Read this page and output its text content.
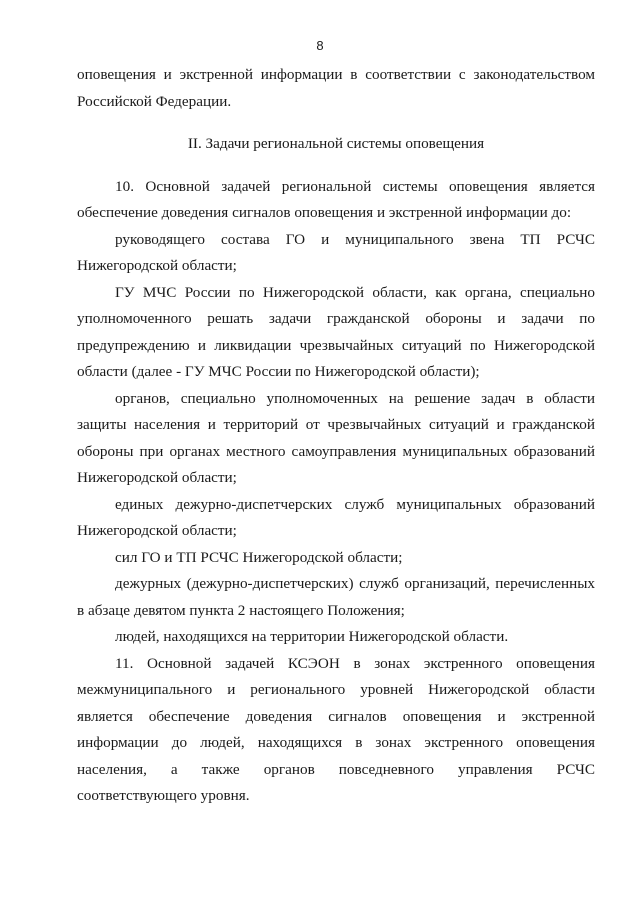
8

оповещения и экстренной информации в соответствии с законодательством Российской Федерации.

II. Задачи региональной системы оповещения

10. Основной задачей региональной системы оповещения является обеспечение доведения сигналов оповещения и экстренной информации до:

руководящего состава ГО и муниципального звена ТП РСЧС Нижегородской области;

ГУ МЧС России по Нижегородской области, как органа, специально уполномоченного решать задачи гражданской обороны и задачи по предупреждению и ликвидации чрезвычайных ситуаций по Нижегородской области (далее - ГУ МЧС России по Нижегородской области);

органов, специально уполномоченных на решение задач в области защиты населения и территорий от чрезвычайных ситуаций и гражданской обороны при органах местного самоуправления муниципальных образований Нижегородской области;

единых дежурно-диспетчерских служб муниципальных образований Нижегородской области;

сил ГО и ТП РСЧС Нижегородской области;

дежурных (дежурно-диспетчерских) служб организаций, перечисленных в абзаце девятом пункта 2 настоящего Положения;

людей, находящихся на территории Нижегородской области.

11. Основной задачей КСЭОН в зонах экстренного оповещения межмуниципального и регионального уровней Нижегородской области является обеспечение доведения сигналов оповещения и экстренной информации до людей, находящихся в зонах экстренного оповещения населения, а также органов повседневного управления РСЧС соответствующего уровня.
